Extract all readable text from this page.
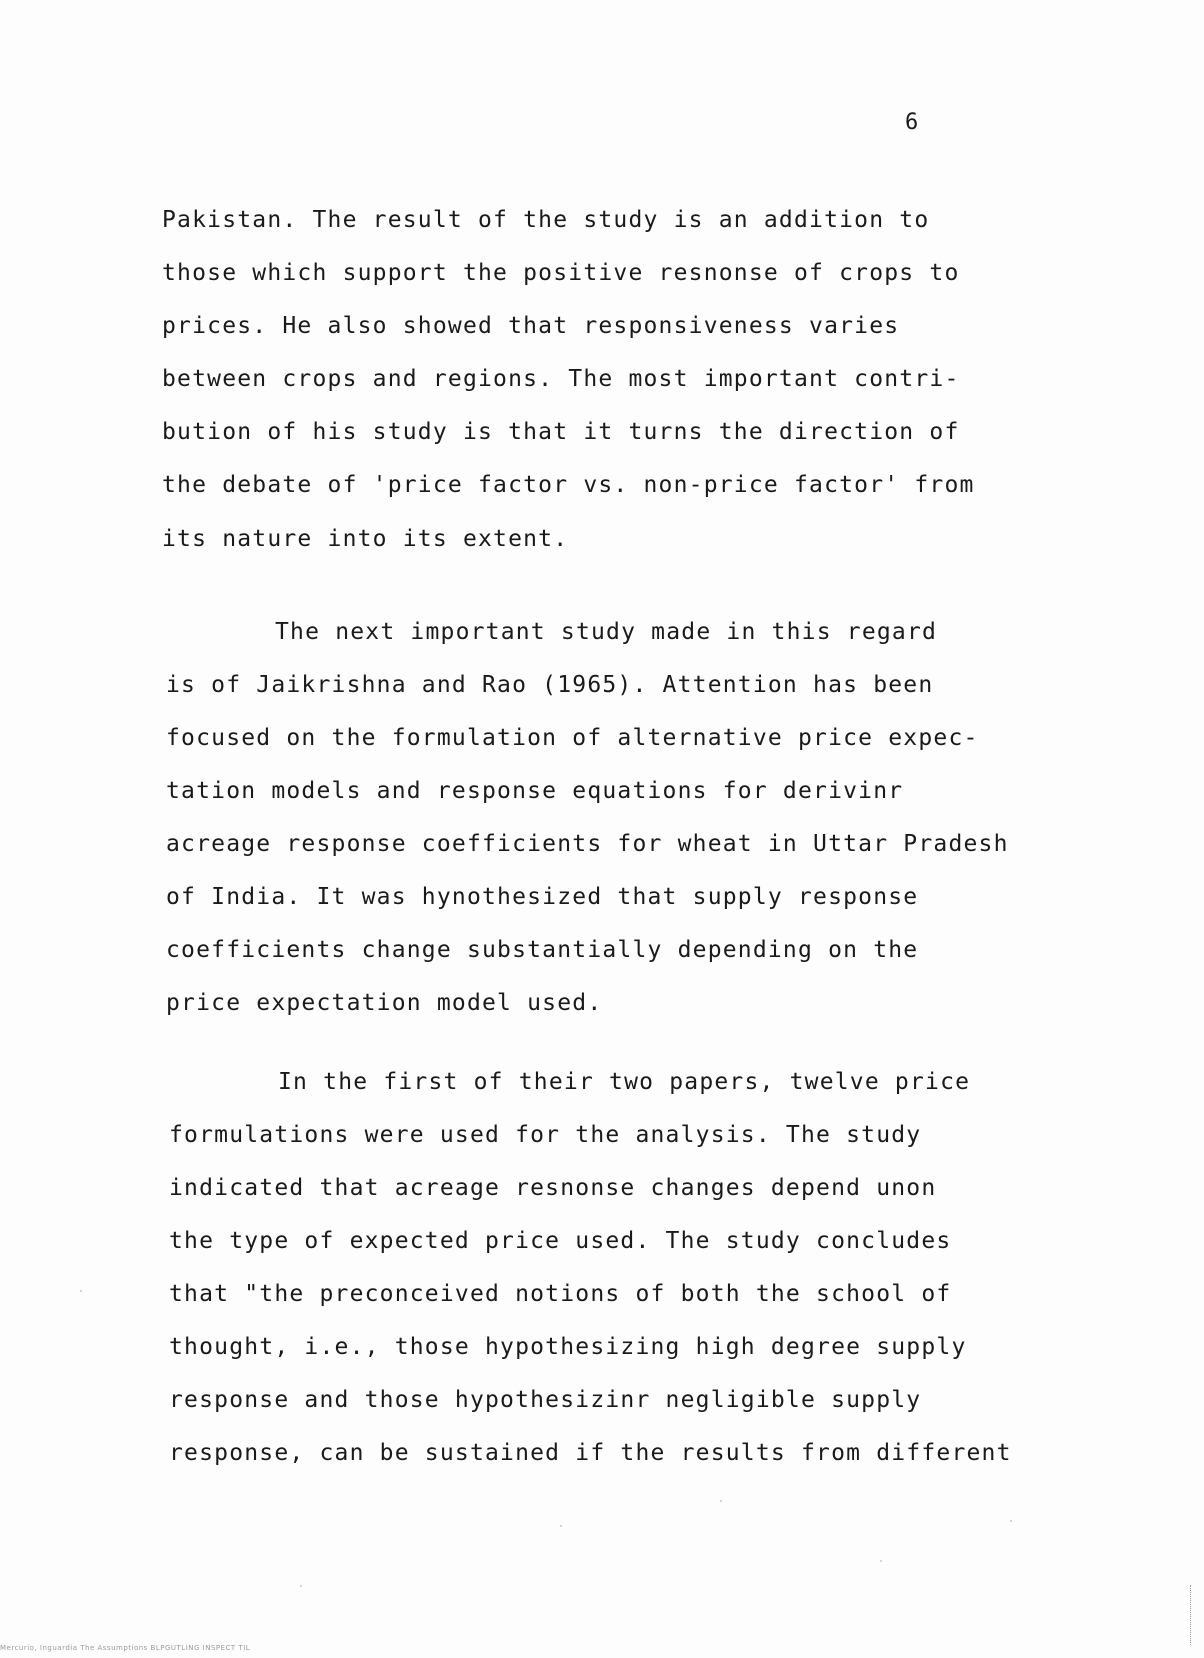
6
Pakistan. The result of the study is an addition to
those which support the positive resnonse of crops to
prices. He also showed that responsiveness varies
between crops and regions. The most important contri-
bution of his study is that it turns the direction of
the debate of 'price factor vs. non-price factor' from
its nature into its extent.
The next important study made in this regard
is of Jaikrishna and Rao (1965). Attention has been
focused on the formulation of alternative price expec-
tation models and response equations for derivinr
acreage response coefficients for wheat in Uttar Pradesh
of India. It was hynothesized that supply response
coefficients change substantially depending on the
price expectation model used.
In the first of their two papers, twelve price
formulations were used for the analysis. The study
indicated that acreage resnonse changes depend unon
the type of expected price used. The study concludes
that "the preconceived notions of both the school of
thought, i.e., those hypothesizing high degree supply
response and those hypothesizinr negligible supply
response, can be sustained if the results from different
Mercurio, Inguardia The Assumptions BLPGUTLING INSPECT TIL
